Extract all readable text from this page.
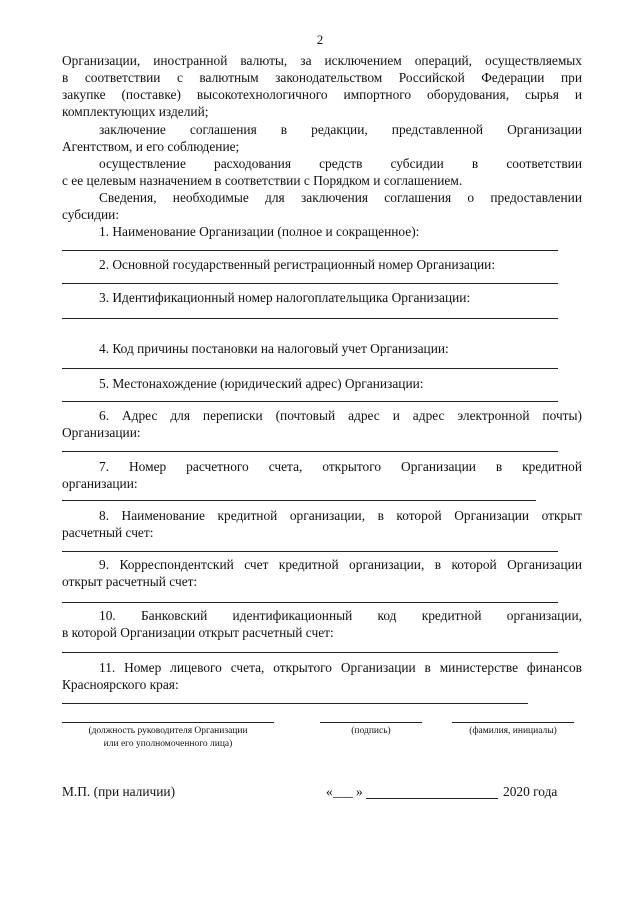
2
Организации, иностранной валюты, за исключением операций, осуществляемых
в соответствии с валютным законодательством Российской Федерации при
закупке (поставке) высокотехнологичного импортного оборудования, сырья и
комплектующих изделий;
заключение соглашения в редакции, представленной Организации
Агентством, и его соблюдение;
осуществление расходования средств субсидии в соответствии
с ее целевым назначением в соответствии с Порядком и соглашением.
Сведения, необходимые для заключения соглашения о предоставлении
субсидии:
1. Наименование Организации (полное и сокращенное):
2. Основной государственный регистрационный номер Организации:
3. Идентификационный номер налогоплательщика Организации:
4. Код причины постановки на налоговый учет Организации:
5. Местонахождение (юридический адрес) Организации:
6. Адрес для переписки (почтовый адрес и адрес электронной почты)
Организации:
7. Номер расчетного счета, открытого Организации в кредитной
организации:
8. Наименование кредитной организации, в которой Организации открыт
расчетный счет:
9. Корреспондентский счет кредитной организации, в которой Организации
открыт расчетный счет:
10. Банковский идентификационный код кредитной организации,
в которой Организации открыт расчетный счет:
11. Номер лицевого счета, открытого Организации в министерстве финансов
Красноярского края:
(должность руководителя Организации
или его уполномоченного лица)
(подпись)	(фамилия, инициалы)
М.П. (при наличии)	« ___ »	2020 года
